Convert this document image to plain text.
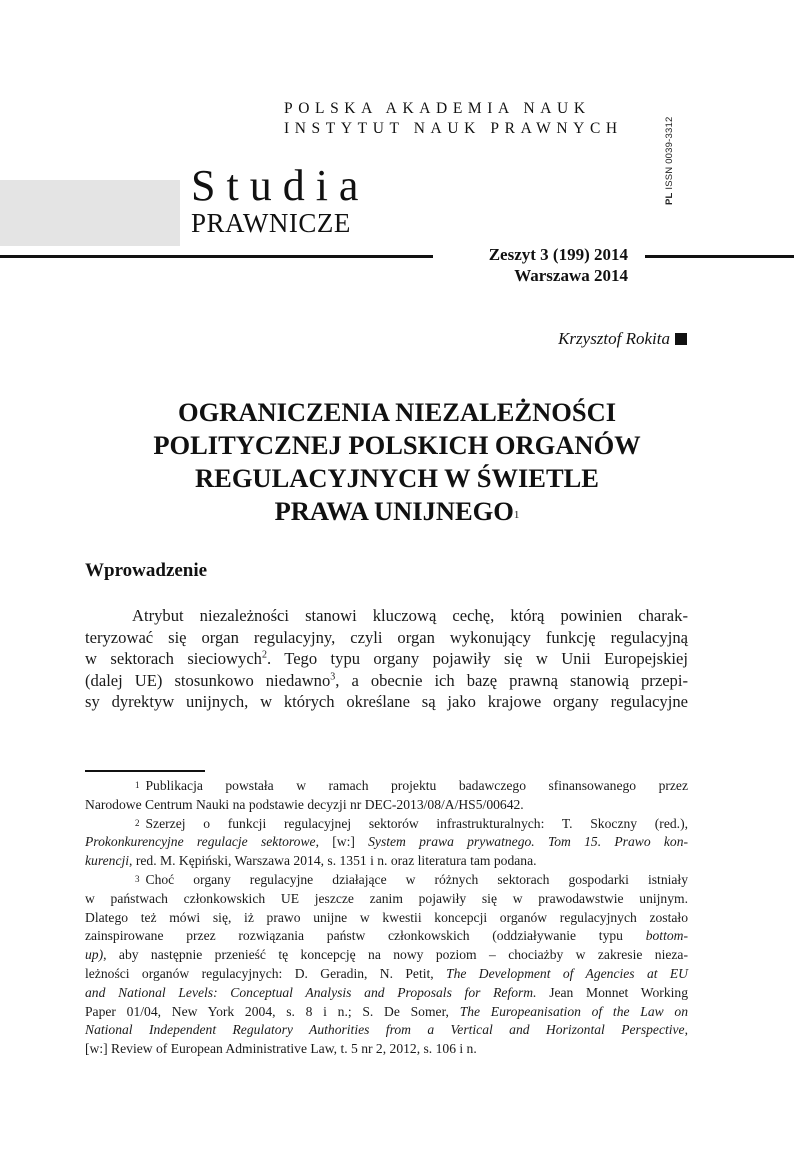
POLSKA AKADEMIA NAUK
INSTYTUT NAUK PRAWNYCH
PL ISSN 0039-3312
Studia
PRAWNICZE
Zeszyt 3 (199) 2014
Warszawa 2014
Krzysztof Rokita
OGRANICZENIA NIEZALEŻNOŚCI
POLITYCZNEJ POLSKICH ORGANÓW
REGULACYJNYCH W ŚWIETLE
PRAWA UNIJNEGO$^1$
Wprowadzenie
Atrybut niezależności stanowi kluczową cechę, którą powinien charak-
teryzować się organ regulacyjny, czyli organ wykonujący funkcję regulacyjną
w sektorach sieciowych$^2$. Tego typu organy pojawiły się w Unii Europejskiej
(dalej UE) stosunkowo niedawno$^3$, a obecnie ich bazę prawną stanowią przepi-
sy dyrektyw unijnych, w których określane są jako krajowe organy regulacyjne
$^1$ Publikacja powstała w ramach projektu badawczego sfinansowanego przez
Narodowe Centrum Nauki na podstawie decyzji nr DEC-2013/08/A/HS5/00642.
$^2$ Szerzej o funkcji regulacyjnej sektorów infrastrukturalnych: T. Skoczny (red.),
Prokonkurencyjne regulacje sektorowe, [w:] System prawa prywatnego. Tom 15. Prawo kon-
kurencji, red. M. Kępiński, Warszawa 2014, s. 1351 i n. oraz literatura tam podana.
$^3$ Choć organy regulacyjne działające w różnych sektorach gospodarki istniały
w państwach członkowskich UE jeszcze zanim pojawiły się w prawodawstwie unijnym.
Dlatego też mówi się, iż prawo unijne w kwestii koncepcji organów regulacyjnych zostało
zainspirowane przez rozwiązania państw członkowskich (oddziaływanie typu bottom-
up), aby następnie przenieść tę koncepcję na nowy poziom – chociażby w zakresie nieza-
leżności organów regulacyjnych: D. Geradin, N. Petit, The Development of Agencies at EU
and National Levels: Conceptual Analysis and Proposals for Reform. Jean Monnet Working
Paper 01/04, New York 2004, s. 8 i n.; S. De Somer, The Europeanisation of the Law on
National Independent Regulatory Authorities from a Vertical and Horizontal Perspective,
[w:] Review of European Administrative Law, t. 5 nr 2, 2012, s. 106 i n.
